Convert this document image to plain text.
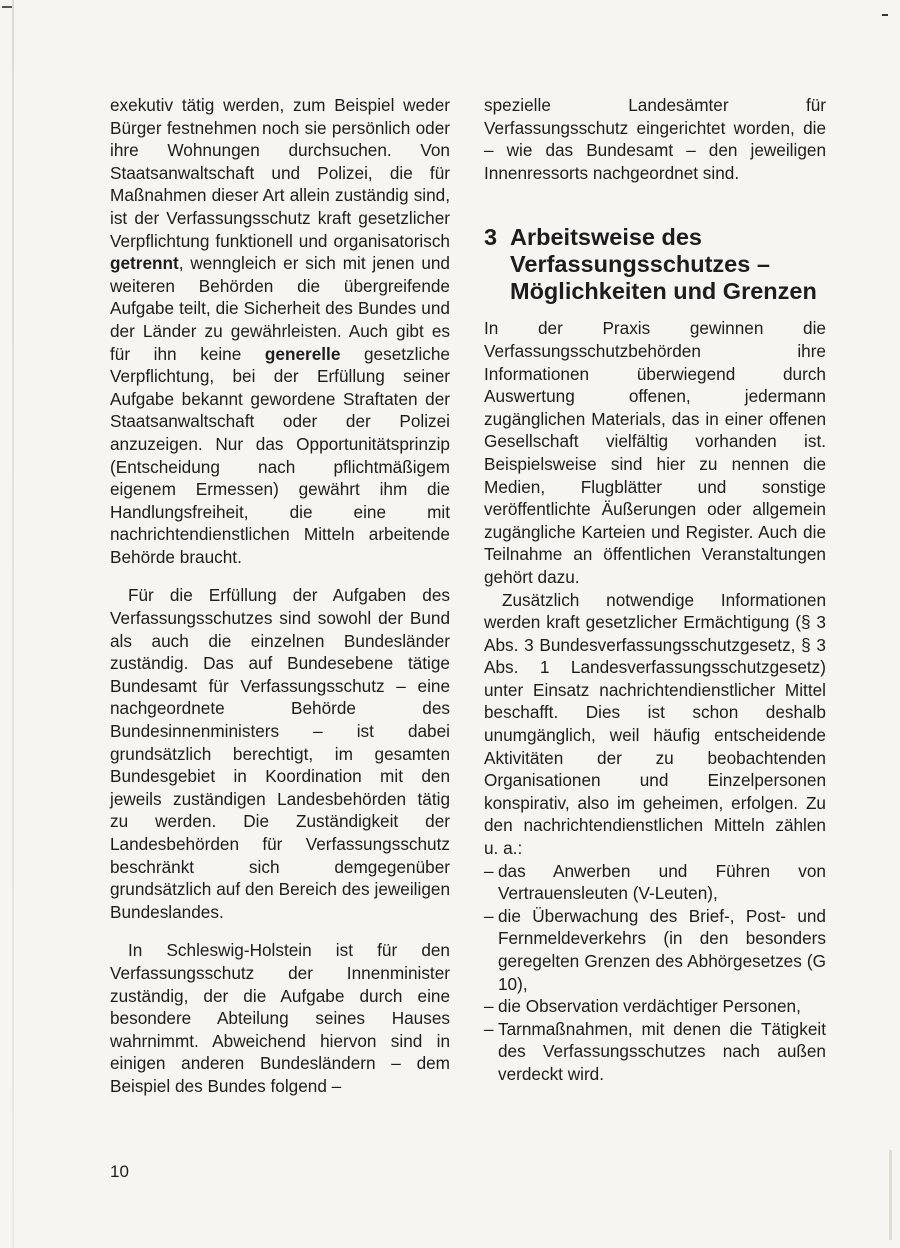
exekutiv tätig werden, zum Beispiel weder Bürger festnehmen noch sie persönlich oder ihre Wohnungen durchsuchen. Von Staatsanwaltschaft und Polizei, die für Maßnahmen dieser Art allein zuständig sind, ist der Verfassungsschutz kraft gesetzlicher Verpflichtung funktionell und organisatorisch getrennt, wenngleich er sich mit jenen und weiteren Behörden die übergreifende Aufgabe teilt, die Sicherheit des Bundes und der Länder zu gewährleisten. Auch gibt es für ihn keine generelle gesetzliche Verpflichtung, bei der Erfüllung seiner Aufgabe bekannt gewordene Straftaten der Staatsanwaltschaft oder der Polizei anzuzeigen. Nur das Opportunitätsprinzip (Entscheidung nach pflichtmäßigem eigenem Ermessen) gewährt ihm die Handlungsfreiheit, die eine mit nachrichtendienstlichen Mitteln arbeitende Behörde braucht.

Für die Erfüllung der Aufgaben des Verfassungsschutzes sind sowohl der Bund als auch die einzelnen Bundesländer zuständig. Das auf Bundesebene tätige Bundesamt für Verfassungsschutz – eine nachgeordnete Behörde des Bundesinnenministers – ist dabei grundsätzlich berechtigt, im gesamten Bundesgebiet in Koordination mit den jeweils zuständigen Landesbehörden tätig zu werden. Die Zuständigkeit der Landesbehörden für Verfassungsschutz beschränkt sich demgegenüber grundsätzlich auf den Bereich des jeweiligen Bundeslandes.

In Schleswig-Holstein ist für den Verfassungsschutz der Innenminister zuständig, der die Aufgabe durch eine besondere Abteilung seines Hauses wahrnimmt. Abweichend hiervon sind in einigen anderen Bundesländern – dem Beispiel des Bundes folgend –

spezielle Landesämter für Verfassungsschutz eingerichtet worden, die – wie das Bundesamt – den jeweiligen Innenressorts nachgeordnet sind.

3 Arbeitsweise des Verfassungsschutzes – Möglichkeiten und Grenzen

In der Praxis gewinnen die Verfassungsschutzbehörden ihre Informationen überwiegend durch Auswertung offenen, jedermann zugänglichen Materials, das in einer offenen Gesellschaft vielfältig vorhanden ist. Beispielsweise sind hier zu nennen die Medien, Flugblätter und sonstige veröffentlichte Äußerungen oder allgemein zugängliche Karteien und Register. Auch die Teilnahme an öffentlichen Veranstaltungen gehört dazu.

Zusätzlich notwendige Informationen werden kraft gesetzlicher Ermächtigung (§ 3 Abs. 3 Bundesverfassungsschutzgesetz, § 3 Abs. 1 Landesverfassungsschutzgesetz) unter Einsatz nachrichtendienstlicher Mittel beschafft. Dies ist schon deshalb unumgänglich, weil häufig entscheidende Aktivitäten der zu beobachtenden Organisationen und Einzelpersonen konspirativ, also im geheimen, erfolgen. Zu den nachrichtendienstlichen Mitteln zählen u. a.:

– das Anwerben und Führen von Vertrauensleuten (V-Leuten),
– die Überwachung des Brief-, Post- und Fernmeldeverkehrs (in den besonders geregelten Grenzen des Abhörgesetzes (G 10),
– die Observation verdächtiger Personen,
– Tarnmaßnahmen, mit denen die Tätigkeit des Verfassungsschutzes nach außen verdeckt wird.
10
